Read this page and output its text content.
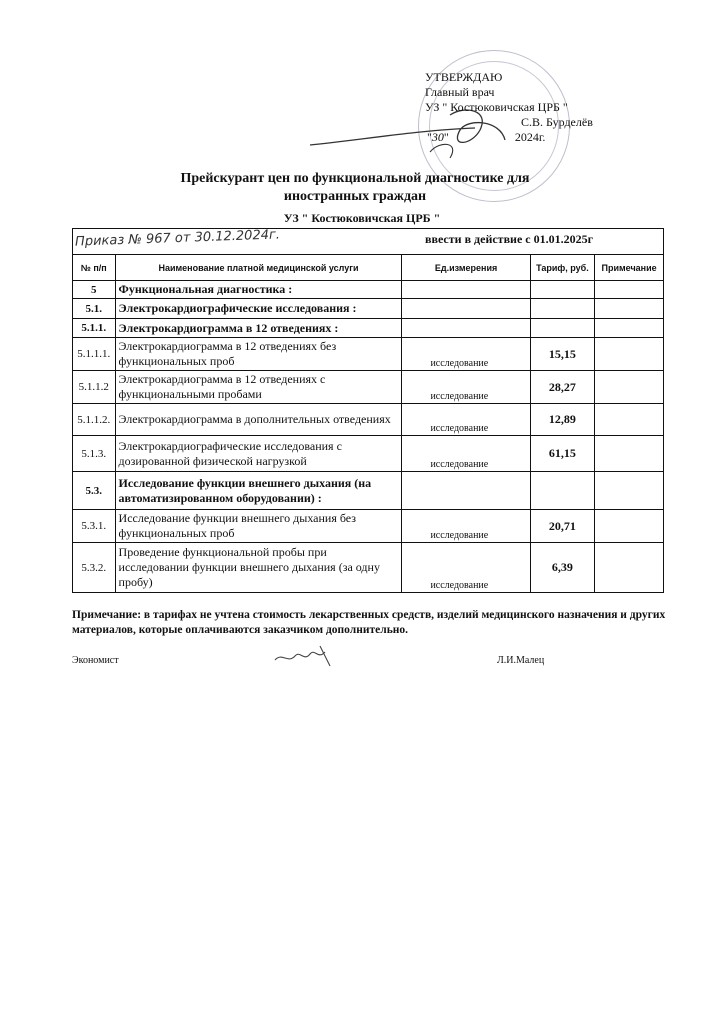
УТВЕРЖДАЮ
Главный врач
УЗ " Костюковичская ЦРБ "
С.В. Бурделёв
"30"	2024г.
Прейскурант цен по функциональной диагностике для
иностранных граждан
УЗ " Костюковичская ЦРБ "
Приказ № 967 от 30.12.2024г. ввести в действие с 01.01.2025г				

№ п/п	Наименование платной медицинской услуги	Ед.измерения	Тариф, руб.	Примечание
5	Функциональная диагностика :			
5.1.	Электрокардиографические исследования :			
5.1.1.	Электрокардиограмма в 12 отведениях :			
5.1.1.1.	Электрокардиограмма в 12 отведениях без функциональных проб	исследование	15,15	
5.1.1.2	Электрокардиограмма в 12 отведениях с функциональными пробами	исследование	28,27	
5.1.1.2.	Электрокардиограмма в дополнительных отведениях	исследование	12,89	
5.1.3.	Электрокардиографические исследования с дозированной физической нагрузкой	исследование	61,15	
5.3.	Исследование функции внешнего дыхания (на автоматизированном оборудовании) :			
5.3.1.	Исследование функции внешнего дыхания без функциональных проб	исследование	20,71	
5.3.2.	Проведение функциональной пробы при исследовании функции внешнего дыхания (за одну пробу)	исследование	6,39	
Примечание: в тарифах не учтена стоимость лекарственных средств, изделий медицинского назначения и других материалов, которые оплачиваются заказчиком дополнительно.
Экономист	Л.И.Малец
